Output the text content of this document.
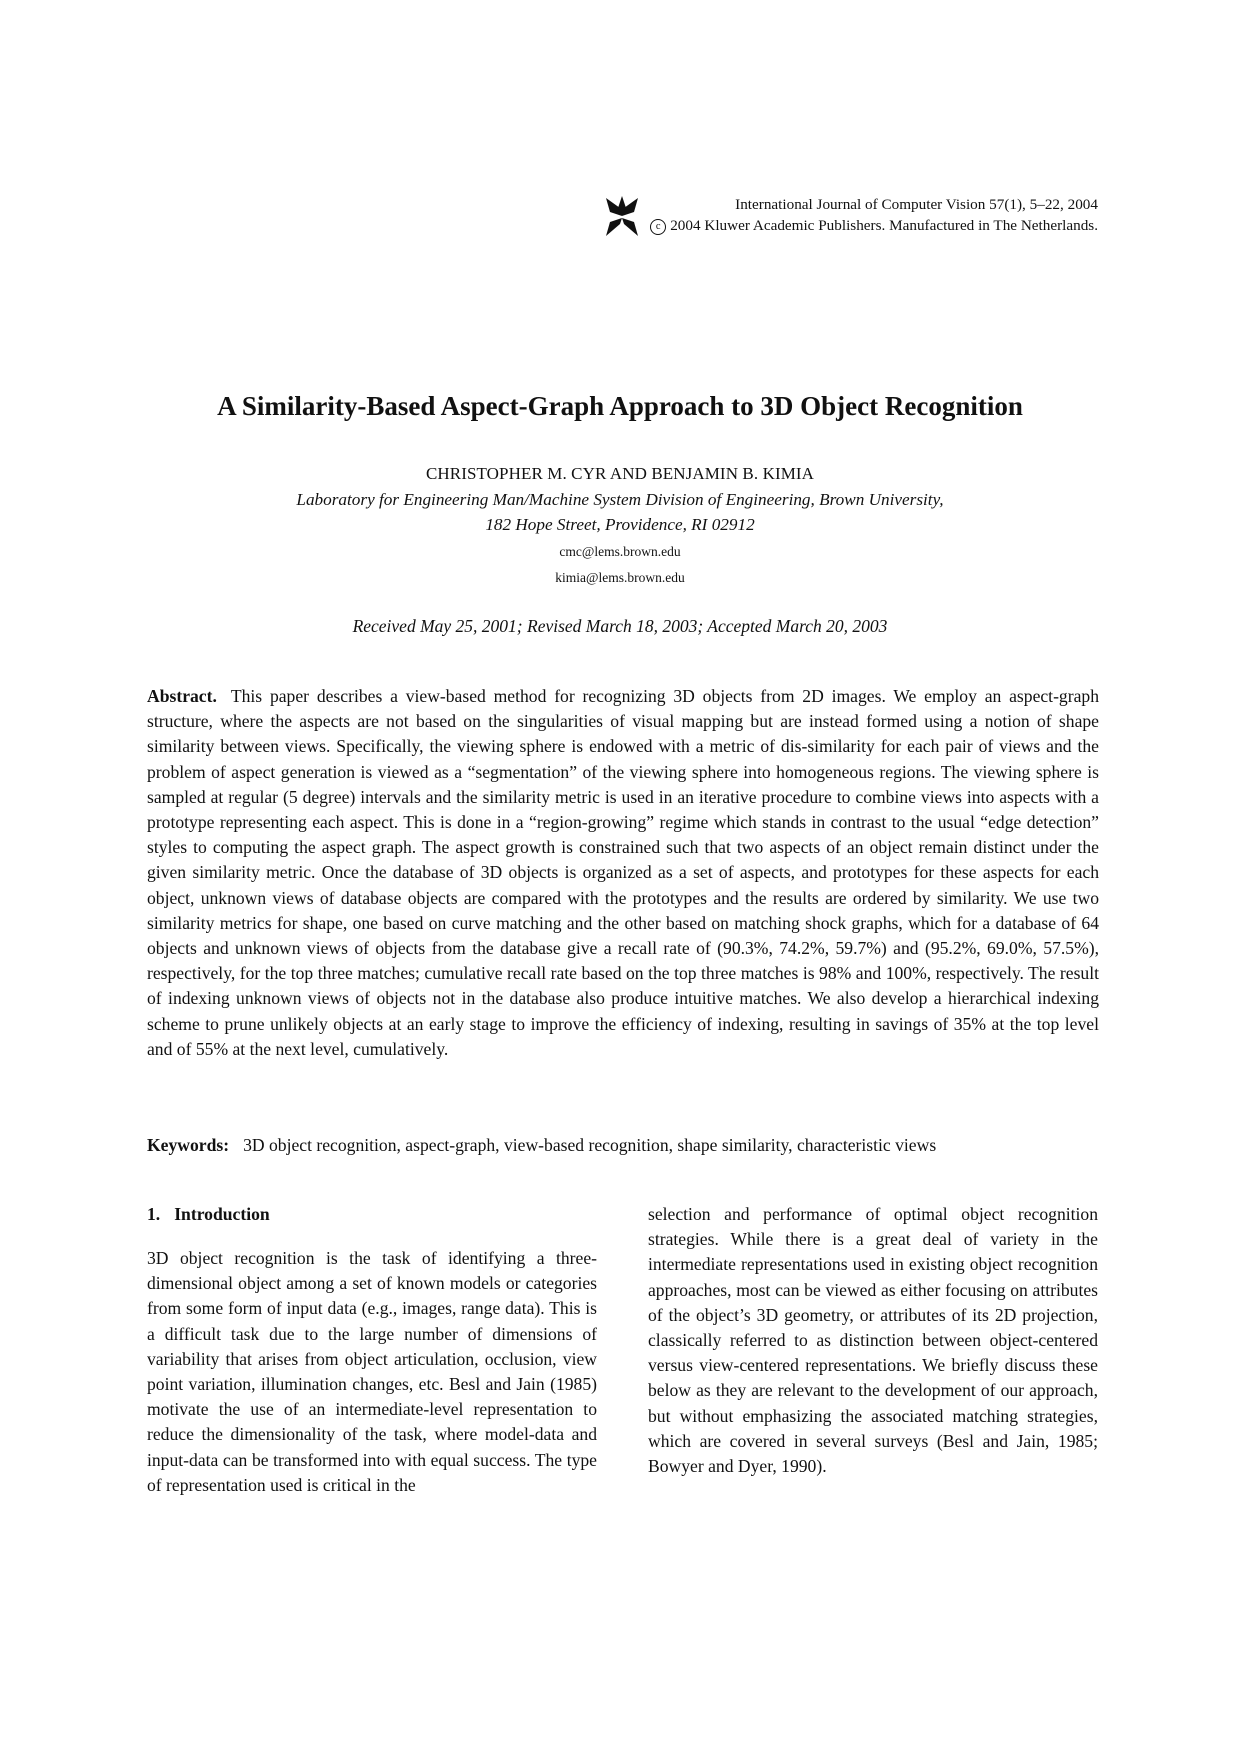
International Journal of Computer Vision 57(1), 5–22, 2004
c 2004 Kluwer Academic Publishers. Manufactured in The Netherlands.
A Similarity-Based Aspect-Graph Approach to 3D Object Recognition
CHRISTOPHER M. CYR AND BENJAMIN B. KIMIA
Laboratory for Engineering Man/Machine System Division of Engineering, Brown University,
182 Hope Street, Providence, RI 02912
cmc@lems.brown.edu
kimia@lems.brown.edu
Received May 25, 2001; Revised March 18, 2003; Accepted March 20, 2003

Abstract. This paper describes a view-based method for recognizing 3D objects from 2D images. We employ an aspect-graph structure, where the aspects are not based on the singularities of visual mapping but are instead formed using a notion of shape similarity between views. Specifically, the viewing sphere is endowed with a metric of dis-similarity for each pair of views and the problem of aspect generation is viewed as a “segmentation” of the viewing sphere into homogeneous regions. The viewing sphere is sampled at regular (5 degree) intervals and the similarity metric is used in an iterative procedure to combine views into aspects with a prototype representing each aspect. This is done in a “region-growing” regime which stands in contrast to the usual “edge detection” styles to computing the aspect graph. The aspect growth is constrained such that two aspects of an object remain distinct under the given similarity metric. Once the database of 3D objects is organized as a set of aspects, and prototypes for these aspects for each object, unknown views of database objects are compared with the prototypes and the results are ordered by similarity. We use two similarity metrics for shape, one based on curve matching and the other based on matching shock graphs, which for a database of 64 objects and unknown views of objects from the database give a recall rate of (90.3%, 74.2%, 59.7%) and (95.2%, 69.0%, 57.5%), respectively, for the top three matches; cumulative recall rate based on the top three matches is 98% and 100%, respectively. The result of indexing unknown views of objects not in the database also produce intuitive matches. We also develop a hierarchical indexing scheme to prune unlikely objects at an early stage to improve the efficiency of indexing, resulting in savings of 35% at the top level and of 55% at the next level, cumulatively.

Keywords: 3D object recognition, aspect-graph, view-based recognition, shape similarity, characteristic views

1. Introduction

3D object recognition is the task of identifying a three-dimensional object among a set of known models or categories from some form of input data (e.g., images, range data). This is a difficult task due to the large number of dimensions of variability that arises from object articulation, occlusion, view point variation, illumination changes, etc. Besl and Jain (1985) motivate the use of an intermediate-level representation to reduce the dimensionality of the task, where model-data and input-data can be transformed into with equal success. The type of representation used is critical in the

selection and performance of optimal object recognition strategies. While there is a great deal of variety in the intermediate representations used in existing object recognition approaches, most can be viewed as either focusing on attributes of the object’s 3D geometry, or attributes of its 2D projection, classically referred to as distinction between object-centered versus view-centered representations. We briefly discuss these below as they are relevant to the development of our approach, but without emphasizing the associated matching strategies, which are covered in several surveys (Besl and Jain, 1985; Bowyer and Dyer, 1990).
